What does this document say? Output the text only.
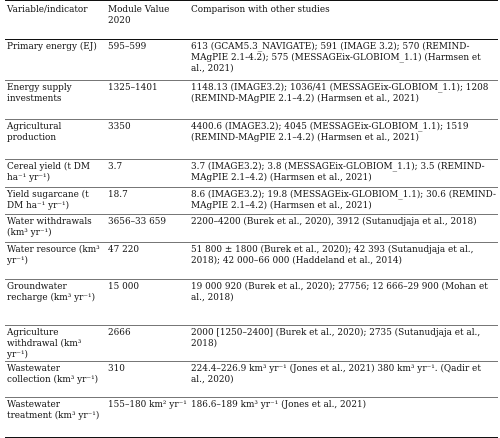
Variable/indicator	Module Value 2020	Comparison with other studies
Primary energy (EJ)	595–599	613 (GCAM5.3_NAVIGATE); 591 (IMAGE 3.2); 570 (REMIND-MAgPIE 2.1-4.2); 575 (MESSAGEix-GLOBIOM_1.1) (Harmsen et al., 2021)
Energy supply investments	1325–1401	1148.13 (IMAGE3.2); 1036/41 (MESSAGEix-GLOBIOM_1.1); 1208 (REMIND-MAgPIE 2.1–4.2) (Harmsen et al., 2021)
Agricultural production	3350	4400.6 (IMAGE3.2); 4045 (MESSAGEix-GLOBIOM_1.1); 1519 (REMIND-MAgPIE 2.1–4.2) (Harmsen et al., 2021)
Cereal yield (t DM ha⁻¹ yr⁻¹)	3.7	3.7 (IMAGE3.2); 3.8 (MESSAGEix-GLOBIOM_1.1); 3.5 (REMIND-MAgPIE 2.1–4.2) (Harmsen et al., 2021)
Yield sugarcane (t DM ha⁻¹ yr⁻¹)	18.7	8.6 (IMAGE3.2); 19.8 (MESSAGEix-GLOBIOM_1.1); 30.6 (REMIND-MAgPIE 2.1–4.2) (Harmsen et al., 2021)
Water withdrawals (km³ yr⁻¹)	3656–33 659	2200–4200 (Burek et al., 2020), 3912 (Sutanudjaja et al., 2018)
Water resource (km³ yr⁻¹)	47 220	51 800 ± 1800 (Burek et al., 2020); 42 393 (Sutanudjaja et al., 2018); 42 000–66 000 (Haddeland et al., 2014)
Groundwater recharge (km³ yr⁻¹)	15 000	19 000 920 (Burek et al., 2020); 27756; 12 666–29 900 (Mohan et al., 2018)
Agriculture withdrawal (km³ yr⁻¹)	2666	2000 [1250–2400] (Burek et al., 2020); 2735 (Sutanudjaja et al., 2018)
Wastewater collection (km³ yr⁻¹)	310	224.4–226.9 km³ yr⁻¹ (Jones et al., 2021) 380 km³ yr⁻¹. (Qadir et al., 2020)
Wastewater treatment (km³ yr⁻¹)	155–180 km² yr⁻¹	186.6–189 km³ yr⁻¹ (Jones et al., 2021)
